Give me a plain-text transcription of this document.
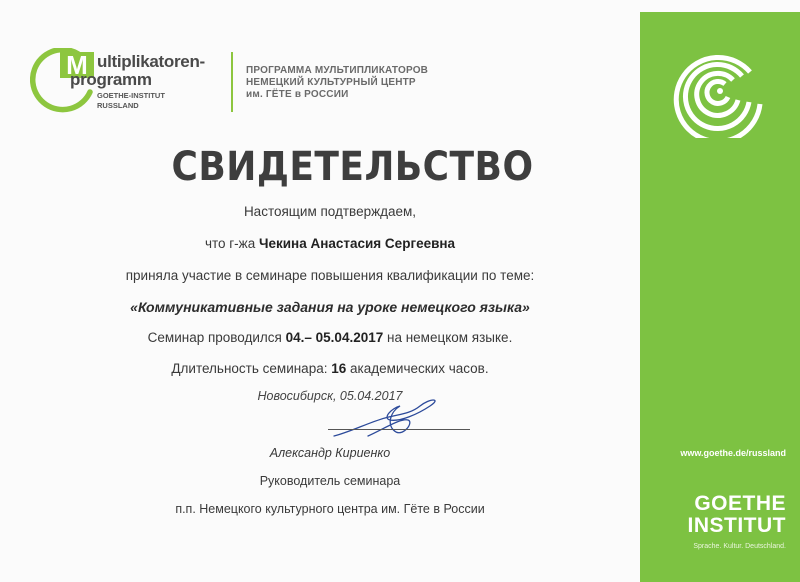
M ultiplikatoren-
programm
GOETHE-INSTITUT
RUSSLAND
ПРОГРАММА МУЛЬТИПЛИКАТОРОВ
НЕМЕЦКИЙ КУЛЬТУРНЫЙ ЦЕНТР
им. ГЁТЕ в РОССИИ
СВИДЕТЕЛЬСТВО
Настоящим подтверждаем,
что г-жа Чекина Анастасия Сергеевна
приняла участие в семинаре повышения квалификации по теме:
«Коммуникативные задания на уроке немецкого языка»
Семинар проводился 04.– 05.04.2017 на немецком языке.
Длительность семинара: 16 академических часов.
Новосибирск, 05.04.2017
Александр Кириенко
Руководитель семинара
п.п. Немецкого культурного центра им. Гёте в России
www.goethe.de/russland
GOETHE
INSTITUT
Sprache. Kultur. Deutschland.
